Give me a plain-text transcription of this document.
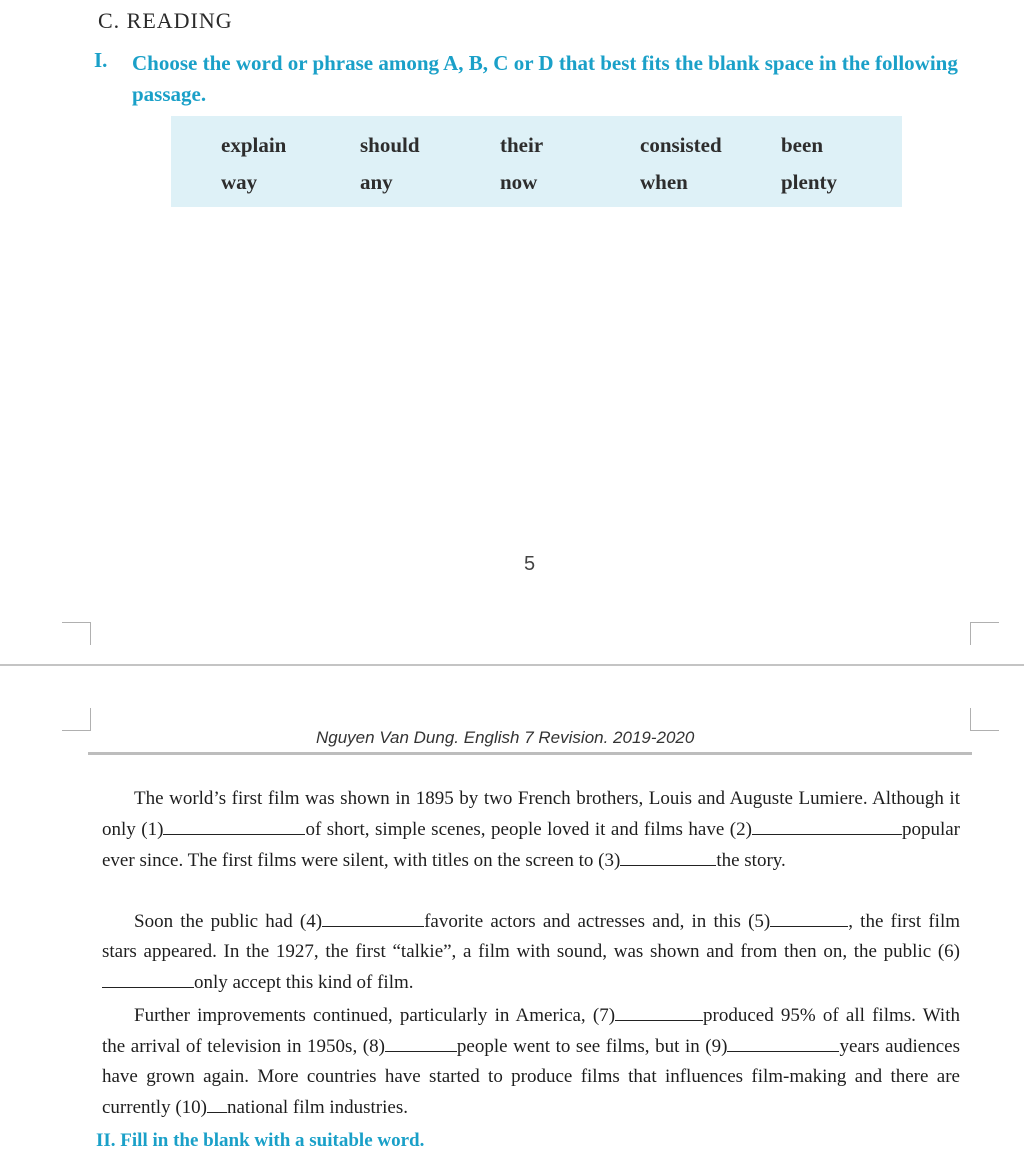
C. READING
I. Choose the word or phrase among A, B, C or D that best fits the blank space in the following passage.
explain	should	their	consisted	been
way	any	now	when	plenty
5
Nguyen Van Dung. English 7 Revision. 2019-2020

The world’s first film was shown in 1895 by two French brothers, Louis and Auguste Lumiere. Although it only (1)	of short, simple scenes, people loved it and films have (2)	popular ever since. The first films were silent, with titles on the screen to (3)	the story.

Soon the public had (4)	favorite actors and actresses and, in this (5)	, the first film stars appeared. In the 1927, the first “talkie”, a film with sound, was shown and from then on, the public (6)only accept this kind of film.

Further improvements continued, particularly in America, (7)	produced 95% of all films. With the arrival of television in 1950s, (8)	people went to see films, but in (9)	years audiences have grown again. More countries have started to produce films that influences film-making and there are currently (10) national film industries.

II. Fill in the blank with a suitable word.
